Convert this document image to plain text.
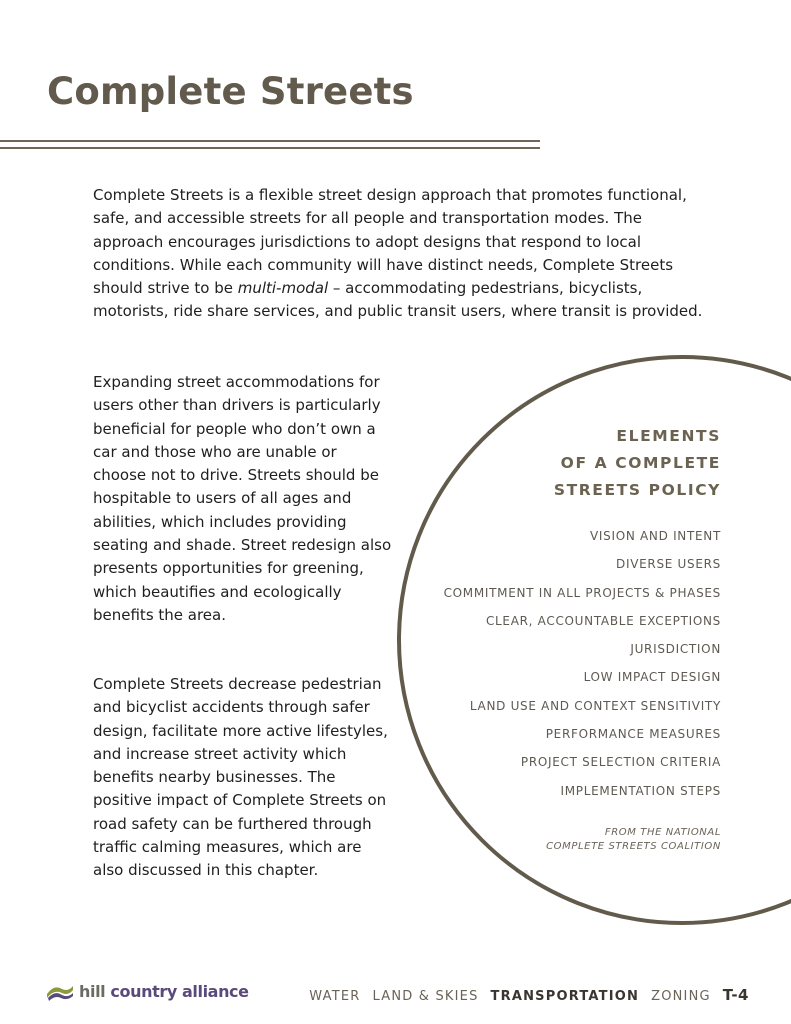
Complete Streets

Complete Streets is a flexible street design approach that promotes functional, safe, and accessible streets for all people and transportation modes. The approach encourages jurisdictions to adopt designs that respond to local conditions. While each community will have distinct needs, Complete Streets should strive to be multi-modal – accommodating pedestrians, bicyclists, motorists, ride share services, and public transit users, where transit is provided.

Expanding street accommodations for users other than drivers is particularly beneficial for people who don’t own a car and those who are unable or choose not to drive. Streets should be hospitable to users of all ages and abilities, which includes providing seating and shade. Street redesign also presents opportunities for greening, which beautifies and ecologically benefits the area.

Complete Streets decrease pedestrian and bicyclist accidents through safer design, facilitate more active lifestyles, and increase street activity which benefits nearby businesses. The positive impact of Complete Streets on road safety can be furthered through traffic calming measures, which are also discussed in this chapter.

ELEMENTS
OF A COMPLETE
STREETS POLICY
VISION AND INTENT
DIVERSE USERS
COMMITMENT IN ALL PROJECTS & PHASES
CLEAR, ACCOUNTABLE EXCEPTIONS
JURISDICTION
LOW IMPACT DESIGN
LAND USE AND CONTEXT SENSITIVITY
PERFORMANCE MEASURES
PROJECT SELECTION CRITERIA
IMPLEMENTATION STEPS
FROM THE NATIONAL
COMPLETE STREETS COALITION
hill country alliance	WATER LAND & SKIES TRANSPORTATION ZONING T-4
